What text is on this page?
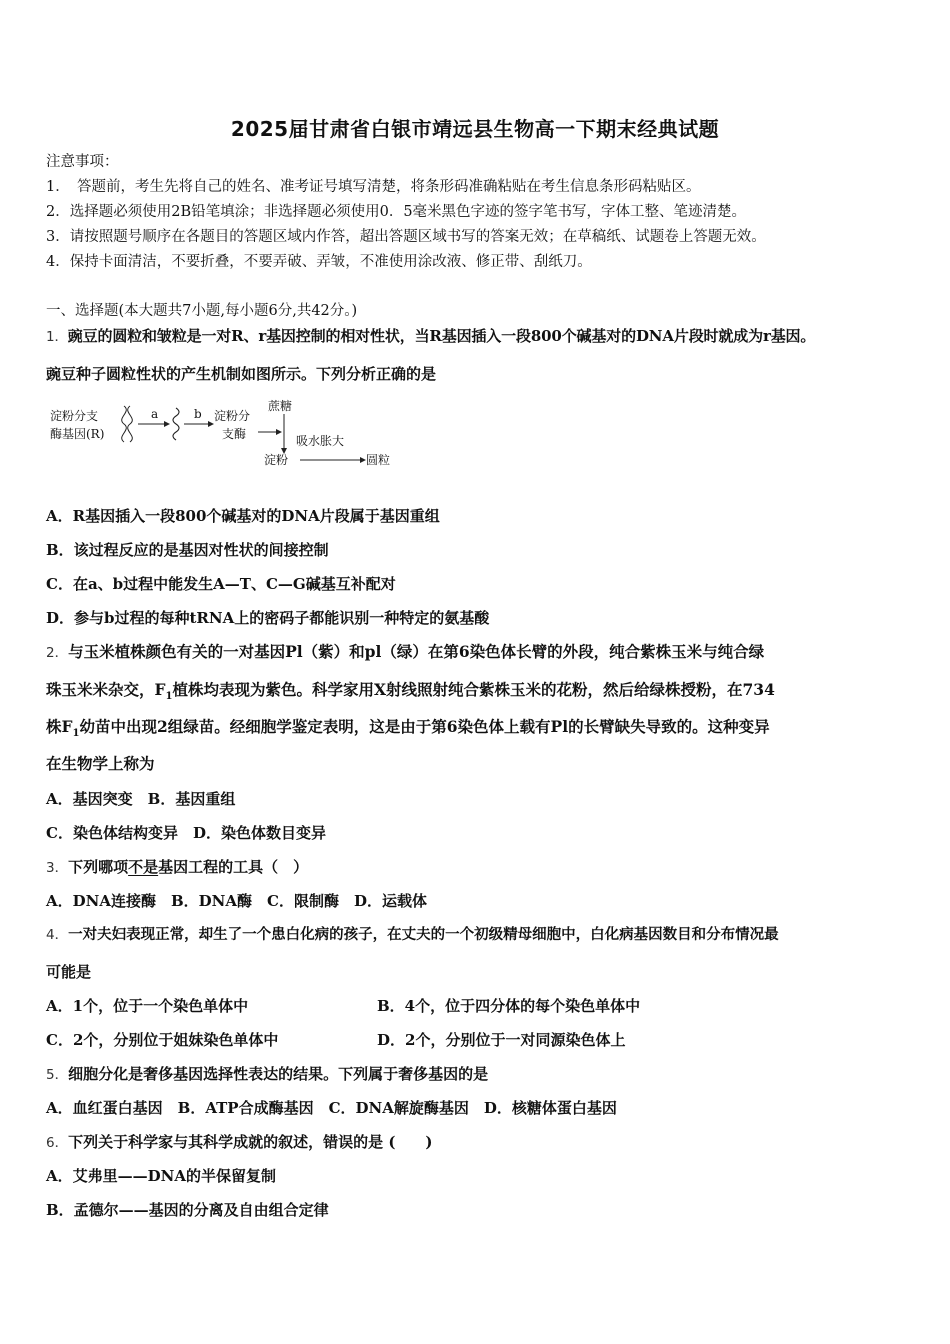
2025届甘肃省白银市靖远县生物高一下期末经典试题
注意事项：
1．　答题前，考生先将自己的姓名、准考证号填写清楚，将条形码准确粘贴在考生信息条形码粘贴区。
2．选择题必须使用2B铅笔填涂；非选择题必须使用0．5毫米黑色字迹的签字笔书写，字体工整、笔迹清楚。
3．请按照题号顺序在各题目的答题区域内作答，超出答题区域书写的答案无效；在草稿纸、试题卷上答题无效。
4．保持卡面清洁，不要折叠，不要弄破、弄皱，不准使用涂改液、修正带、刮纸刀。
一、选择题(本大题共7小题,每小题6分,共42分。)
1．豌豆的圆粒和皱粒是一对R、r基因控制的相对性状，当R基因插入一段800个碱基对的DNA片段时就成为r基因。
豌豆种子圆粒性状的产生机制如图所示。下列分析正确的是
淀粉分支
酶基因(R)
a	b 淀粉分
支酶
蔗糖
吸水胀大
淀粉	圆粒
A．R基因插入一段800个碱基对的DNA片段属于基因重组
B．该过程反应的是基因对性状的间接控制
C．在a、b过程中能发生A—T、C—G碱基互补配对
D．参与b过程的每种tRNA上的密码子都能识别一种特定的氨基酸
2．与玉米植株颜色有关的一对基因Pl（紫）和pl（绿）在第6染色体长臂的外段，纯合紫株玉米与纯合绿
珠玉米米杂交，$F_1$植株均表现为紫色。科学家用X射线照射纯合紫株玉米的花粉，然后给绿株授粉，在734
株$F_1$幼苗中出现2组绿苗。经细胞学鉴定表明，这是由于第6染色体上载有Pl的长臂缺失导致的。这种变异
在生物学上称为
A．基因突变　B．基因重组
C．染色体结构变异　D．染色体数目变异
3．下列哪项不是基因工程的工具（　）
A．DNA连接酶　B．DNA酶　C．限制酶　D．运载体
4．一对夫妇表现正常，却生了一个患白化病的孩子，在丈夫的一个初级精母细胞中，白化病基因数目和分布情况最
可能是
A．1个，位于一个染色单体中	B．4个，位于四分体的每个染色单体中
C．2个，分别位于姐妹染色单体中	D．2个，分别位于一对同源染色体上
5．细胞分化是奢侈基因选择性表达的结果。下列属于奢侈基因的是
A．血红蛋白基因　B．ATP合成酶基因　C．DNA解旋酶基因　D．核糖体蛋白基因
6．下列关于科学家与其科学成就的叙述，错误的是 (　　)
A．艾弗里——DNA的半保留复制
B．孟德尔——基因的分离及自由组合定律
